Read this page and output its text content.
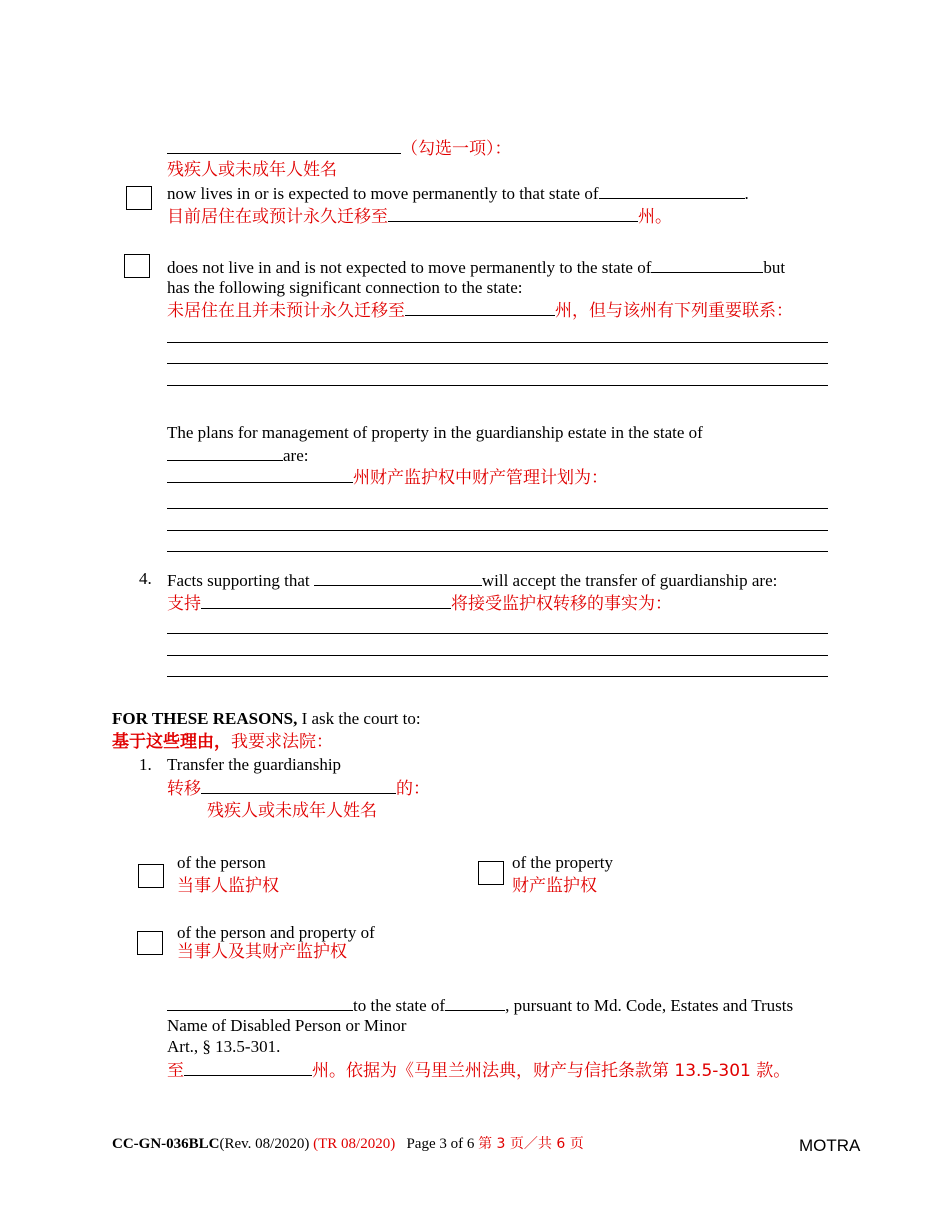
（勾选一项）：
残疾人或未成年人姓名
now lives in or is expected to move permanently to that state of	.
目前居住在或预计永久迁移至	州。
does not live in and is not expected to move permanently to the state of	but
has the following significant connection to the state:
未居住在且并未预计永久迁移至	州，但与该州有下列重要联系：
The plans for management of property in the guardianship estate in the state of
are:
州财产监护权中财产管理计划为：
4. Facts supporting that	will accept the transfer of guardianship are:
支持	将接受监护权转移的事实为：
FOR THESE REASONS, I ask the court to:
基于这些理由，我要求法院：
1. Transfer the guardianship
转移	的：
残疾人或未成年人姓名
of the person
当事人监护权
of the property
财产监护权
of the person and property of
当事人及其财产监护权
to the state of	, pursuant to Md. Code, Estates and Trusts
Name of Disabled Person or Minor
Art., § 13.5-301.
至	州。依据为《马里兰州法典，财产与信托条款第 13.5-301 款。
CC-GN-036BLC(Rev. 08/2020) (TR 08/2020) Page 3 of 6 第 3 页／共 6 页	MOTRA
